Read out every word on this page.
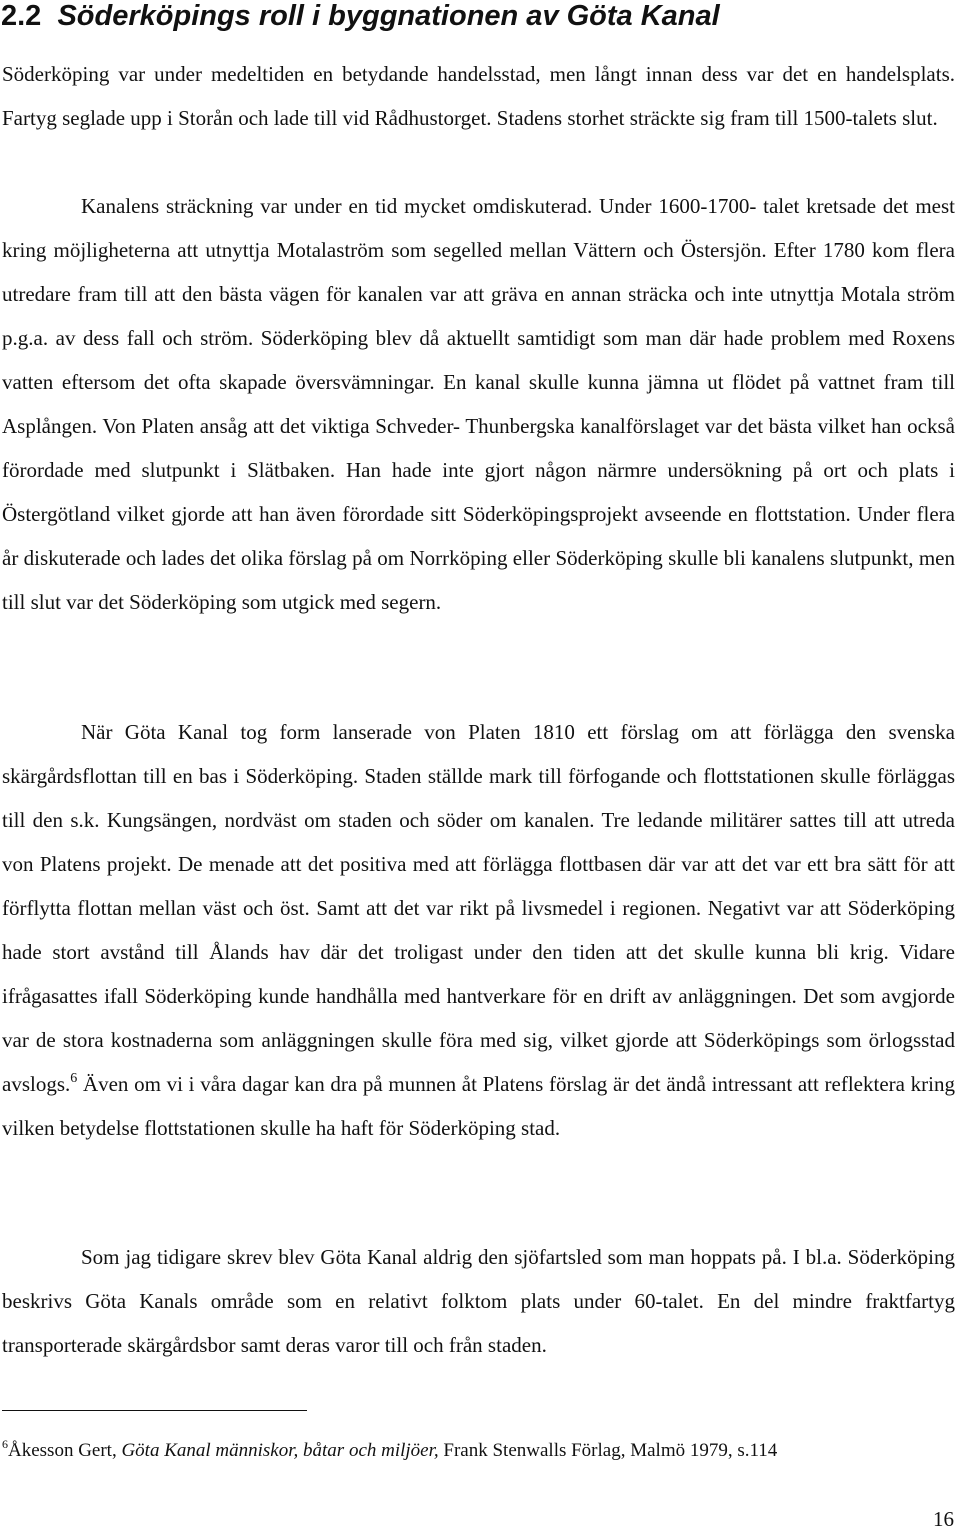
2.2 Söderköpings roll i byggnationen av Göta Kanal

Söderköping var under medeltiden en betydande handelsstad, men långt innan dess var det en handelsplats. Fartyg seglade upp i Storån och lade till vid Rådhustorget. Stadens storhet sträckte sig fram till 1500-talets slut.

Kanalens sträckning var under en tid mycket omdiskuterad. Under 1600-1700- talet kretsade det mest kring möjligheterna att utnyttja Motalaström som segelled mellan Vättern och Östersjön. Efter 1780 kom flera utredare fram till att den bästa vägen för kanalen var att gräva en annan sträcka och inte utnyttja Motala ström p.g.a. av dess fall och ström. Söderköping blev då aktuellt samtidigt som man där hade problem med Roxens vatten eftersom det ofta skapade översvämningar. En kanal skulle kunna jämna ut flödet på vattnet fram till Asplången. Von Platen ansåg att det viktiga Schveder- Thunbergska kanalförslaget var det bästa vilket han också förordade med slutpunkt i Slätbaken. Han hade inte gjort någon närmre undersökning på ort och plats i Östergötland vilket gjorde att han även förordade sitt Söderköpingsprojekt avseende en flottstation. Under flera år diskuterade och lades det olika förslag på om Norrköping eller Söderköping skulle bli kanalens slutpunkt, men till slut var det Söderköping som utgick med segern.

När Göta Kanal tog form lanserade von Platen 1810 ett förslag om att förlägga den svenska skärgårdsflottan till en bas i Söderköping. Staden ställde mark till förfogande och flottstationen skulle förläggas till den s.k. Kungsängen, nordväst om staden och söder om kanalen. Tre ledande militärer sattes till att utreda von Platens projekt. De menade att det positiva med att förlägga flottbasen där var att det var ett bra sätt för att förflytta flottan mellan väst och öst. Samt att det var rikt på livsmedel i regionen. Negativt var att Söderköping hade stort avstånd till Ålands hav där det troligast under den tiden att det skulle kunna bli krig. Vidare ifrågasattes ifall Söderköping kunde handhålla med hantverkare för en drift av anläggningen. Det som avgjorde var de stora kostnaderna som anläggningen skulle föra med sig, vilket gjorde att Söderköpings som örlogsstad avslogs.$^6$ Även om vi i våra dagar kan dra på munnen åt Platens förslag är det ändå intressant att reflektera kring vilken betydelse flottstationen skulle ha haft för Söderköping stad.

Som jag tidigare skrev blev Göta Kanal aldrig den sjöfartsled som man hoppats på. I bl.a. Söderköping beskrivs Göta Kanals område som en relativt folktom plats under 60-talet. En del mindre fraktfartyg transporterade skärgårdsbor samt deras varor till och från staden.

$^6$Åkesson Gert, Göta Kanal människor, båtar och miljöer, Frank Stenwalls Förlag, Malmö 1979, s.114

16
